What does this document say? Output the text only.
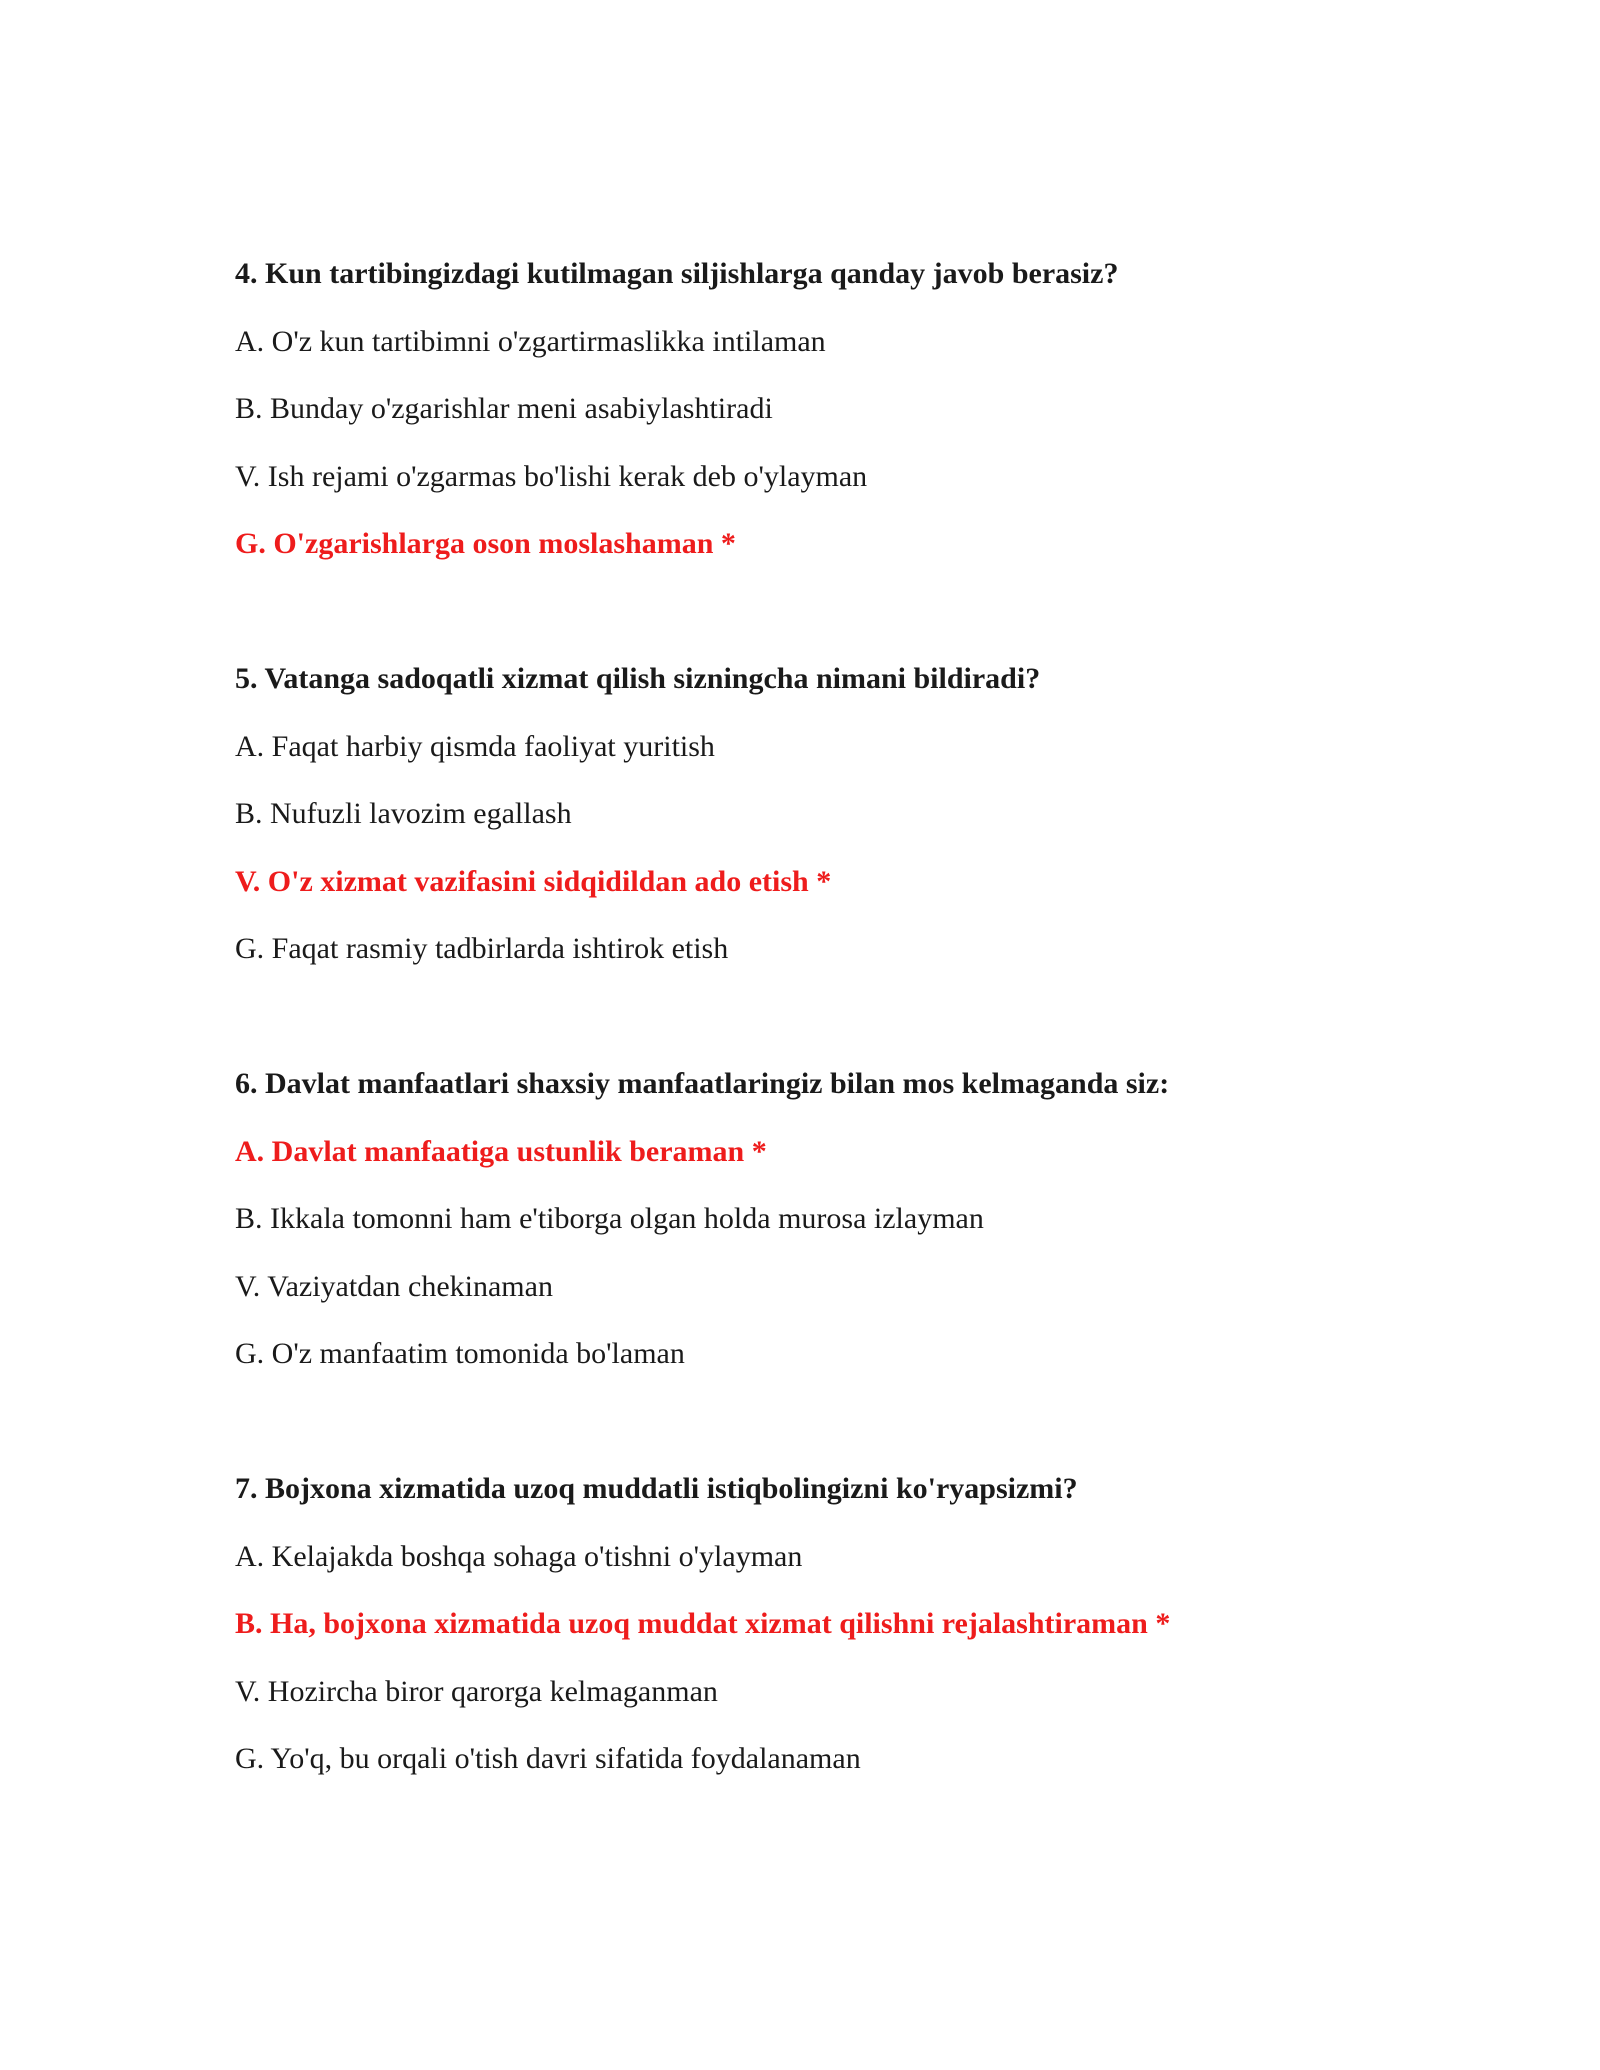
4. Kun tartibingizdagi kutilmagan siljishlarga qanday javob berasiz?
A. O'z kun tartibimni o'zgartirmaslikka intilaman
B. Bunday o'zgarishlar meni asabiylashtiradi
V. Ish rejami o'zgarmas bo'lishi kerak deb o'ylayman
G. O'zgarishlarga oson moslashaman *
5. Vatanga sadoqatli xizmat qilish sizningcha nimani bildiradi?
A. Faqat harbiy qismda faoliyat yuritish
B. Nufuzli lavozim egallash
V. O'z xizmat vazifasini sidqidildan ado etish *
G. Faqat rasmiy tadbirlarda ishtirok etish
6. Davlat manfaatlari shaxsiy manfaatlaringiz bilan mos kelmaganda siz:
A. Davlat manfaatiga ustunlik beraman *
B. Ikkala tomonni ham e'tiborga olgan holda murosa izlayman
V. Vaziyatdan chekinaman
G. O'z manfaatim tomonida bo'laman
7. Bojxona xizmatida uzoq muddatli istiqbolingizni ko'ryapsizmi?
A. Kelajakda boshqa sohaga o'tishni o'ylayman
B. Ha, bojxona xizmatida uzoq muddat xizmat qilishni rejalashtiraman *
V. Hozircha biror qarorga kelmaganman
G. Yo'q, bu orqali o'tish davri sifatida foydalanaman
